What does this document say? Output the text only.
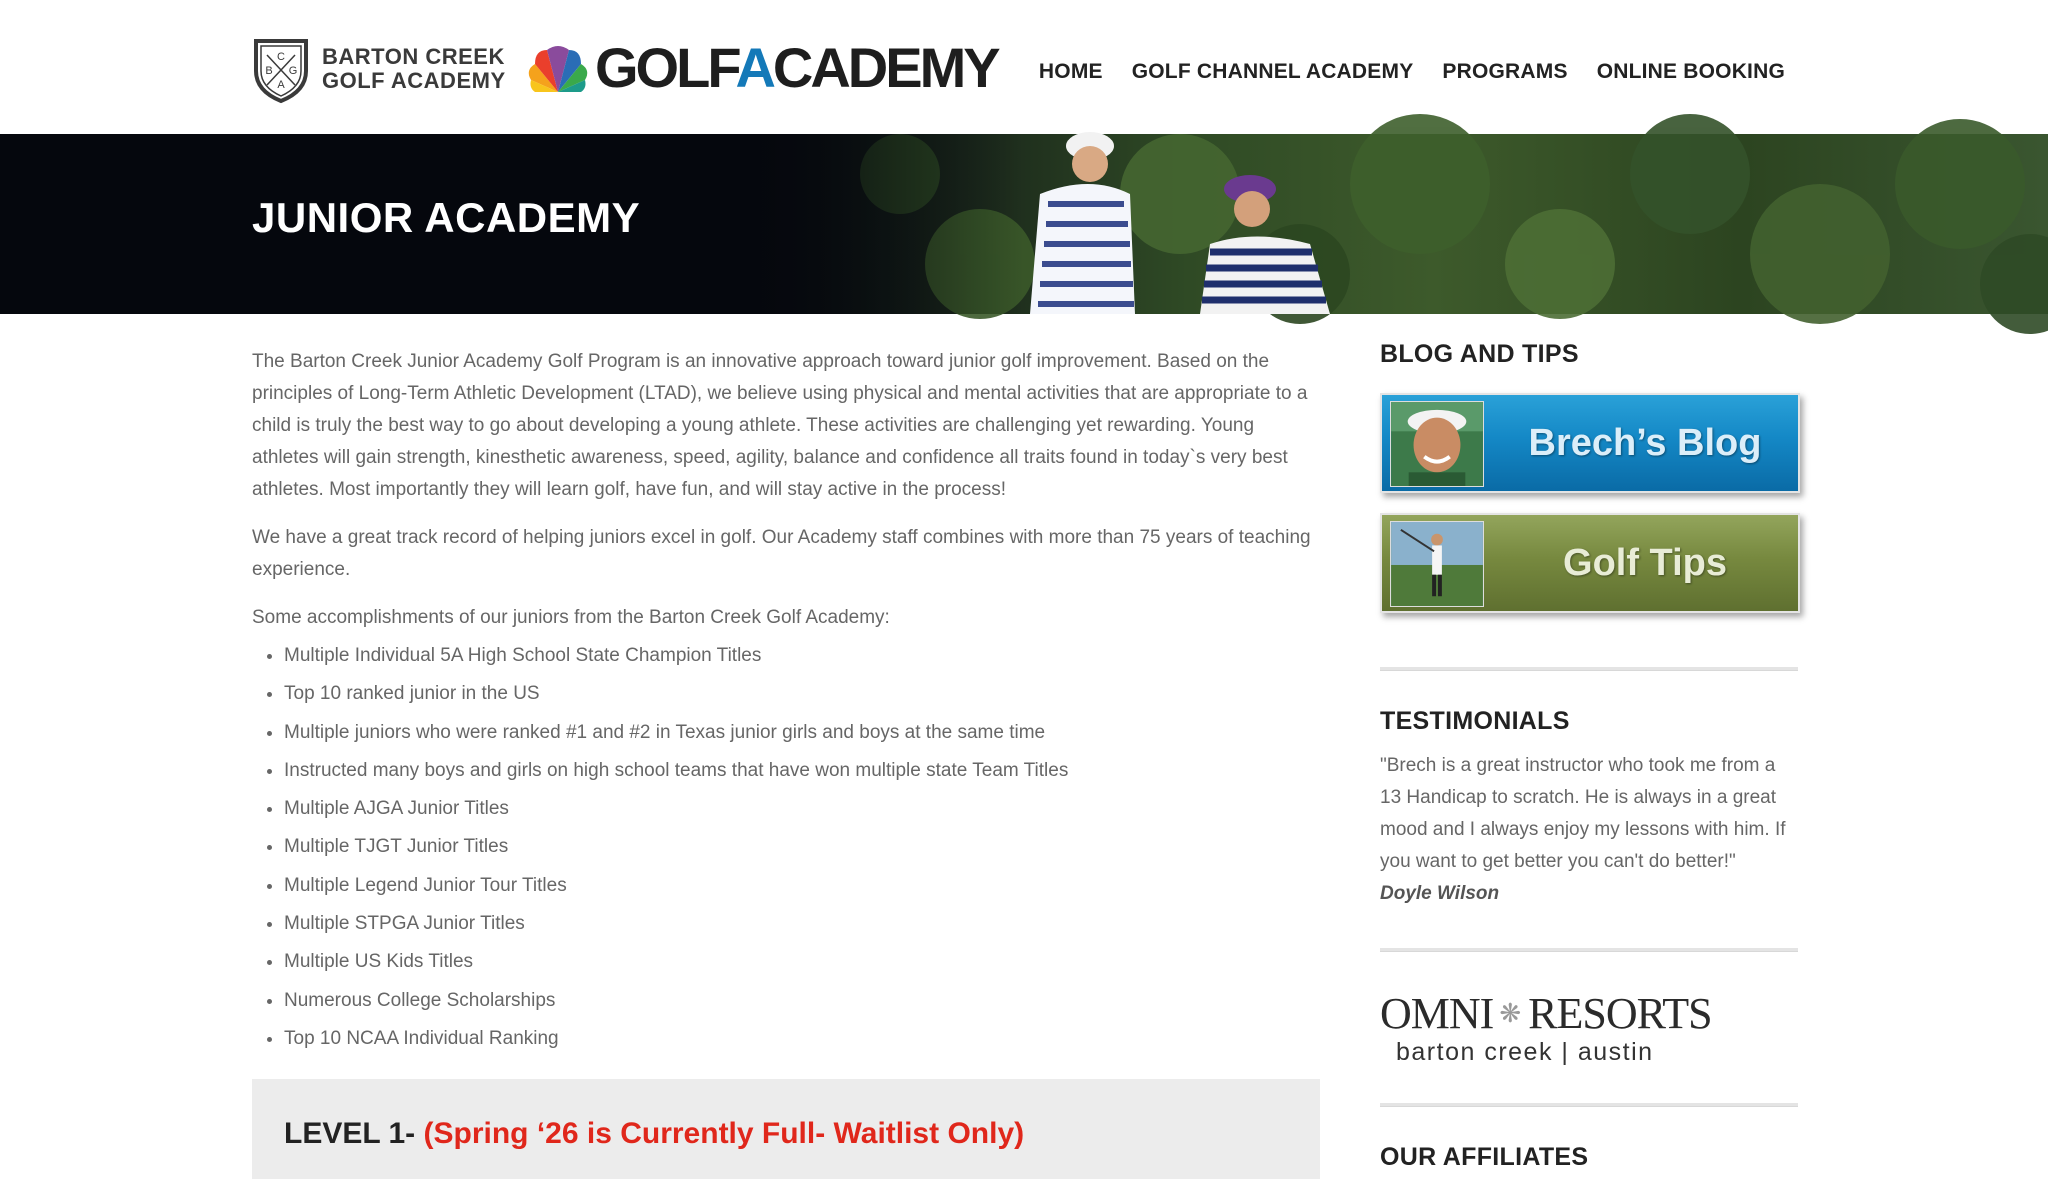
C
B G
A
BARTON CREEK
GOLF ACADEMY GOLFACADEMY HOME GOLF CHANNEL ACADEMY PROGRAMS ONLINE BOOKING
JUNIOR ACADEMY

The Barton Creek Junior Academy Golf Program is an innovative approach toward junior golf improvement. Based on the principles of Long-Term Athletic Development (LTAD), we believe using physical and mental activities that are appropriate to a child is truly the best way to go about developing a young athlete. These activities are challenging yet rewarding. Young athletes will gain strength, kinesthetic awareness, speed, agility, balance and confidence all traits found in today`s very best athletes. Most importantly they will learn golf, have fun, and will stay active in the process!

We have a great track record of helping juniors excel in golf. Our Academy staff combines with more than 75 years of teaching experience.

Some accomplishments of our juniors from the Barton Creek Golf Academy:

• Multiple Individual 5A High School State Champion Titles
• Top 10 ranked junior in the US
• Multiple juniors who were ranked #1 and #2 in Texas junior girls and boys at the same time
• Instructed many boys and girls on high school teams that have won multiple state Team Titles
• Multiple AJGA Junior Titles
• Multiple TJGT Junior Titles
• Multiple Legend Junior Tour Titles
• Multiple STPGA Junior Titles
• Multiple US Kids Titles
• Numerous College Scholarships
• Top 10 NCAA Individual Ranking
LEVEL 1- (Spring ‘26 is Currently Full- Waitlist Only)
BLOG AND TIPS
Brech’s Blog
Golf Tips
TESTIMONIALS
"Brech is a great instructor who took me from a 13 Handicap to scratch. He is always in a great mood and I always enjoy my lessons with him. If you want to get better you can't do better!"
Doyle Wilson
OMNI ❋ RESORTS
barton creek | austin
OUR AFFILIATES
